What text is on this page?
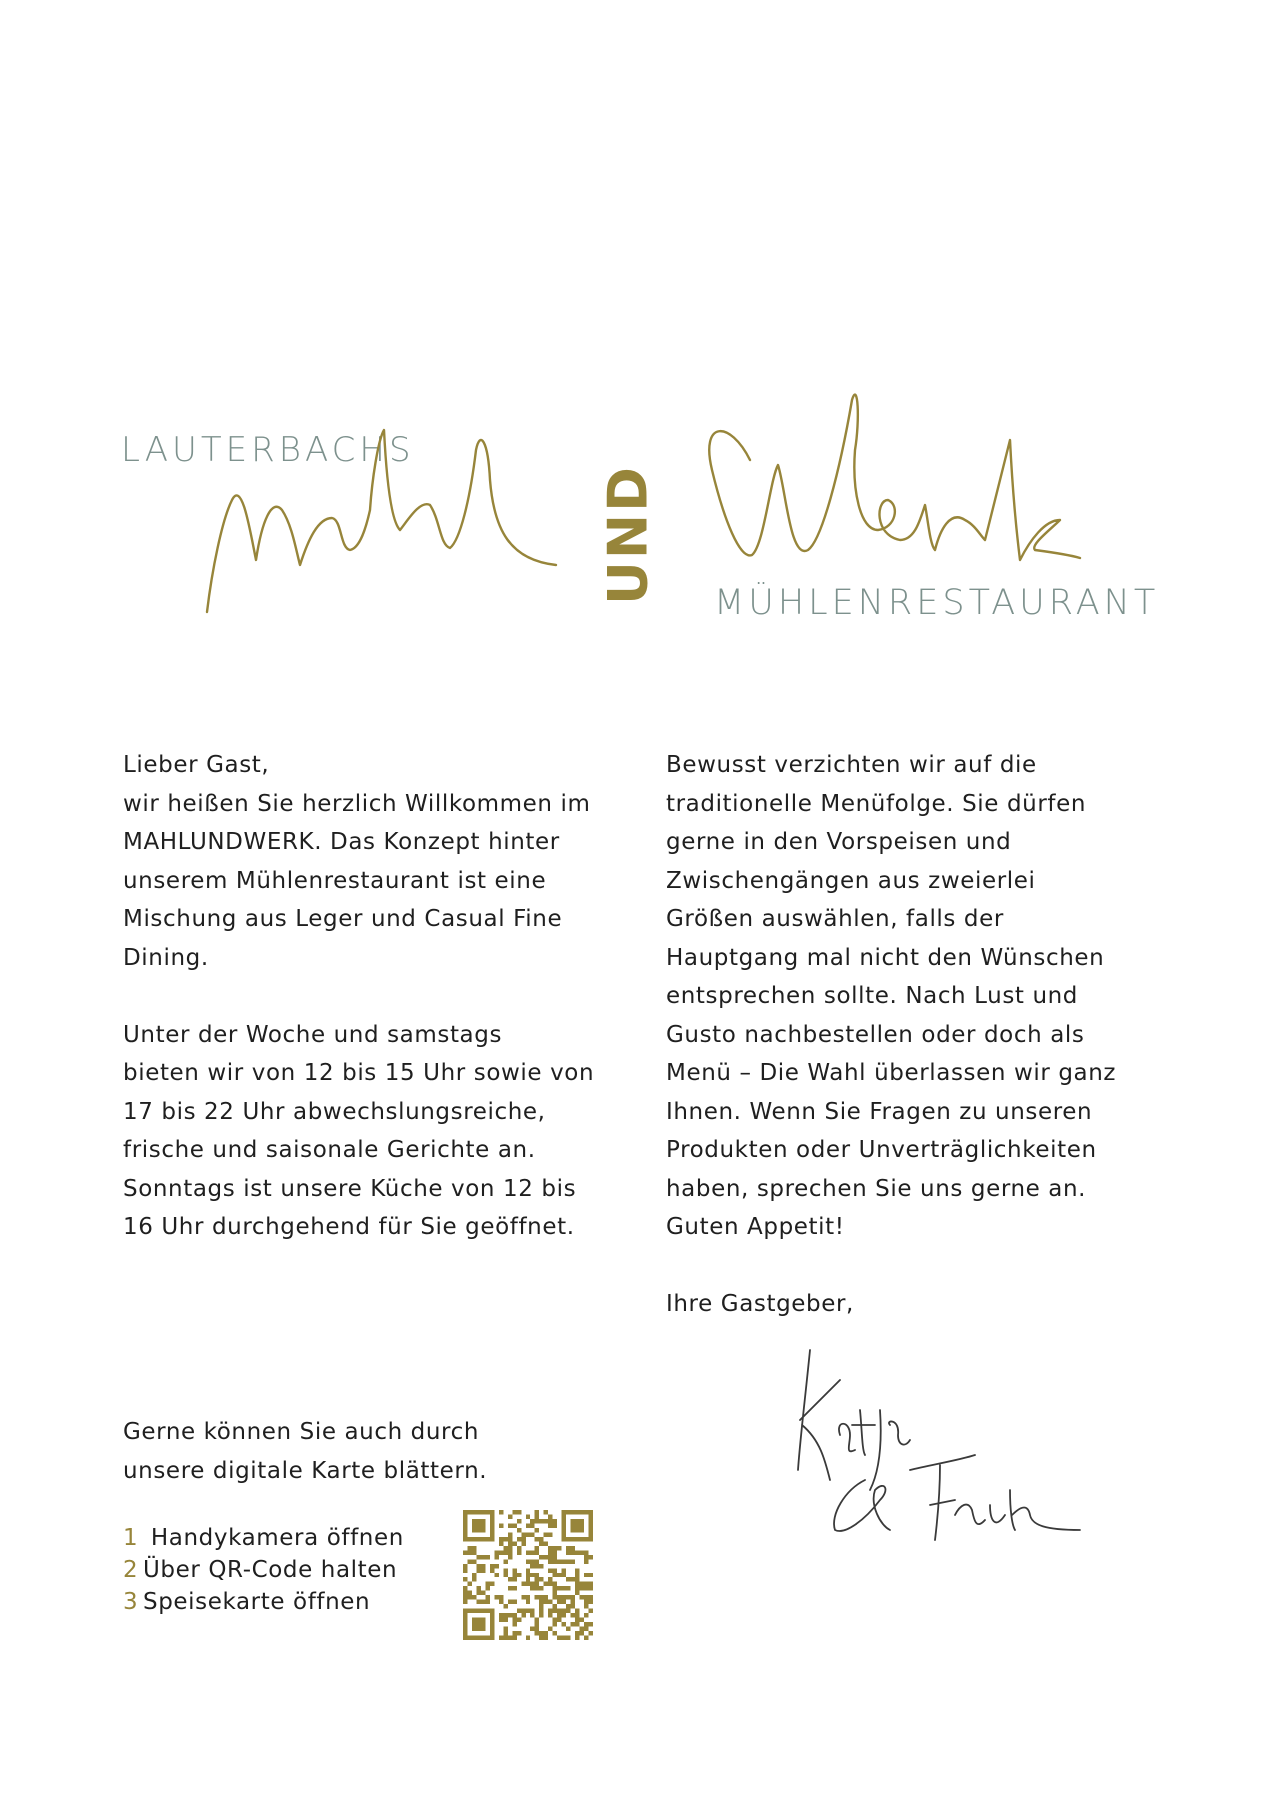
LAUTERBACHS
UND MÜHLENRESTAURANT

Lieber Gast,

wir heißen Sie herzlich Willkommen im

MAHLUNDWERK. Das Konzept hinter

unserem Mühlenrestaurant ist eine

Mischung aus Leger und Casual Fine

Dining.

Unter der Woche und samstags

bieten wir von 12 bis 15 Uhr sowie von

17 bis 22 Uhr abwechslungsreiche,

frische und saisonale Gerichte an.

Sonntags ist unsere Küche von 12 bis

16 Uhr durchgehend für Sie geöffnet.

Bewusst verzichten wir auf die

traditionelle Menüfolge. Sie dürfen

gerne in den Vorspeisen und

Zwischengängen aus zweierlei

Größen auswählen, falls der

Hauptgang mal nicht den Wünschen

entsprechen sollte. Nach Lust und

Gusto nachbestellen oder doch als

Menü – Die Wahl überlassen wir ganz

Ihnen. Wenn Sie Fragen zu unseren

Produkten oder Unverträglichkeiten

haben, sprechen Sie uns gerne an.

Guten Appetit!

Ihre Gastgeber,

Gerne können Sie auch durch

unsere digitale Karte blättern.

1 Handykamera öffnen
2 Über QR-Code halten
3 Speisekarte öffnen
